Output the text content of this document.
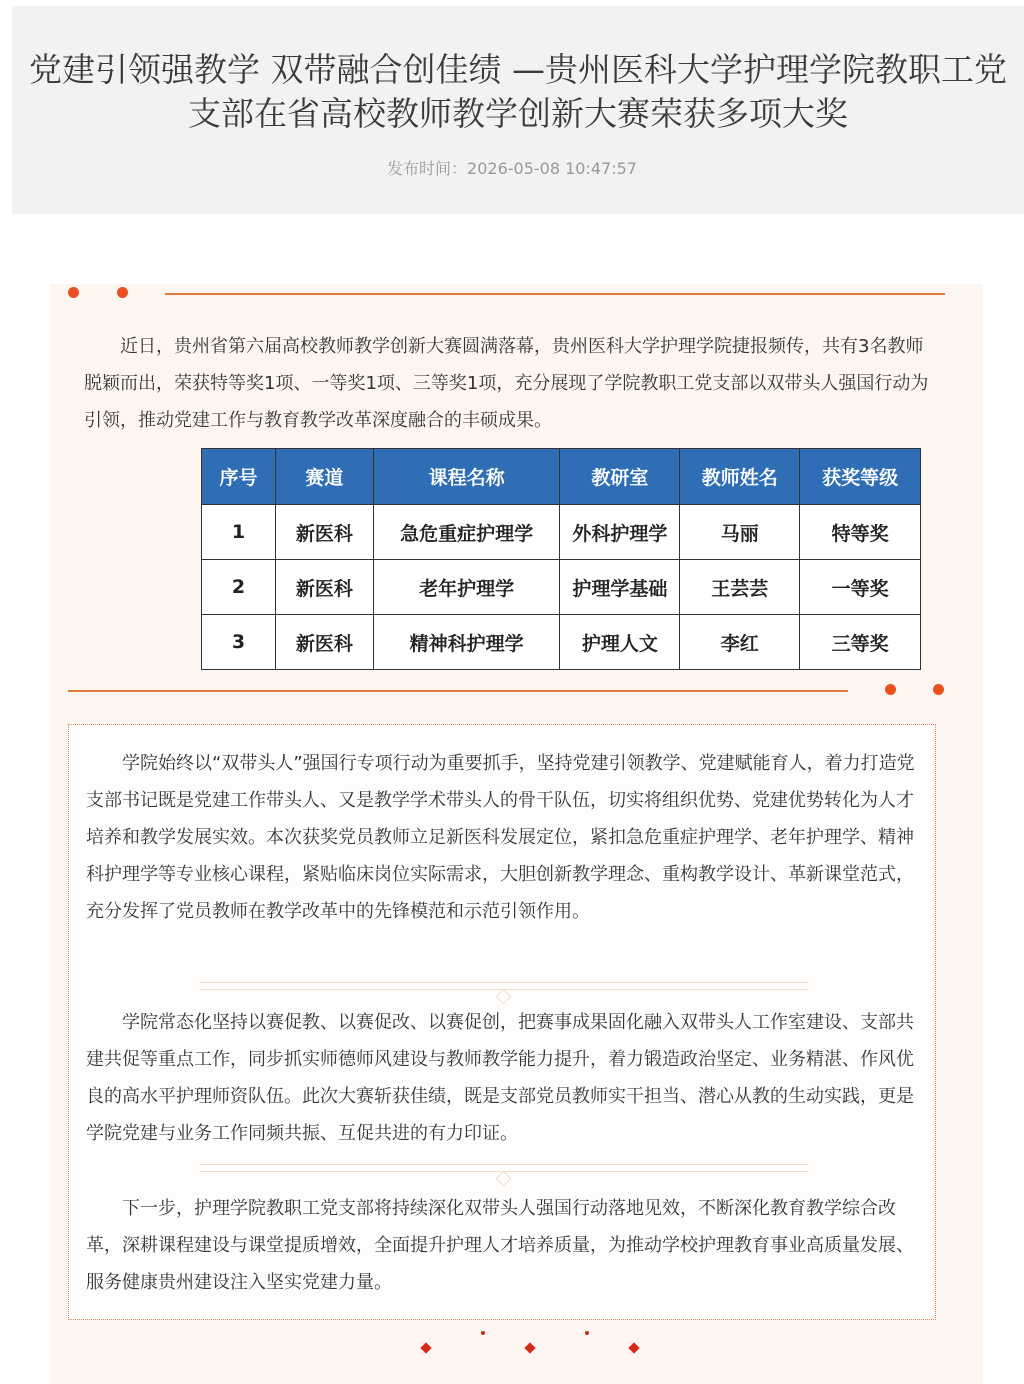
党建引领强教学 双带融合创佳绩 —贵州医科大学护理学院教职工党支部在省高校教师教学创新大赛荣获多项大奖
发布时间：2026-05-08 10:47:57

近日，贵州省第六届高校教师教学创新大赛圆满落幕，贵州医科大学护理学院捷报频传，共有3名教师脱颖而出，荣获特等奖1项、一等奖1项、三等奖1项，充分展现了学院教职工党支部以双带头人强国行动为引领，推动党建工作与教育教学改革深度融合的丰硕成果。

序号	赛道	课程名称	教研室	教师姓名	获奖等级
1	新医科	急危重症护理学	外科护理学	马丽	特等奖
2	新医科	老年护理学	护理学基础	王芸芸	一等奖
3	新医科	精神科护理学	护理人文	李红	三等奖

学院始终以“双带头人”强国行专项行动为重要抓手，坚持党建引领教学、党建赋能育人，着力打造党支部书记既是党建工作带头人、又是教学学术带头人的骨干队伍，切实将组织优势、党建优势转化为人才培养和教学发展实效。本次获奖党员教师立足新医科发展定位，紧扣急危重症护理学、老年护理学、精神科护理学等专业核心课程，紧贴临床岗位实际需求，大胆创新教学理念、重构教学设计、革新课堂范式，充分发挥了党员教师在教学改革中的先锋模范和示范引领作用。

学院常态化坚持以赛促教、以赛促改、以赛促创，把赛事成果固化融入双带头人工作室建设、支部共建共促等重点工作，同步抓实师德师风建设与教师教学能力提升，着力锻造政治坚定、业务精湛、作风优良的高水平护理师资队伍。此次大赛斩获佳绩，既是支部党员教师实干担当、潜心从教的生动实践，更是学院党建与业务工作同频共振、互促共进的有力印证。

下一步，护理学院教职工党支部将持续深化双带头人强国行动落地见效，不断深化教育教学综合改革，深耕课程建设与课堂提质增效，全面提升护理人才培养质量，为推动学校护理教育事业高质量发展、服务健康贵州建设注入坚实党建力量。
